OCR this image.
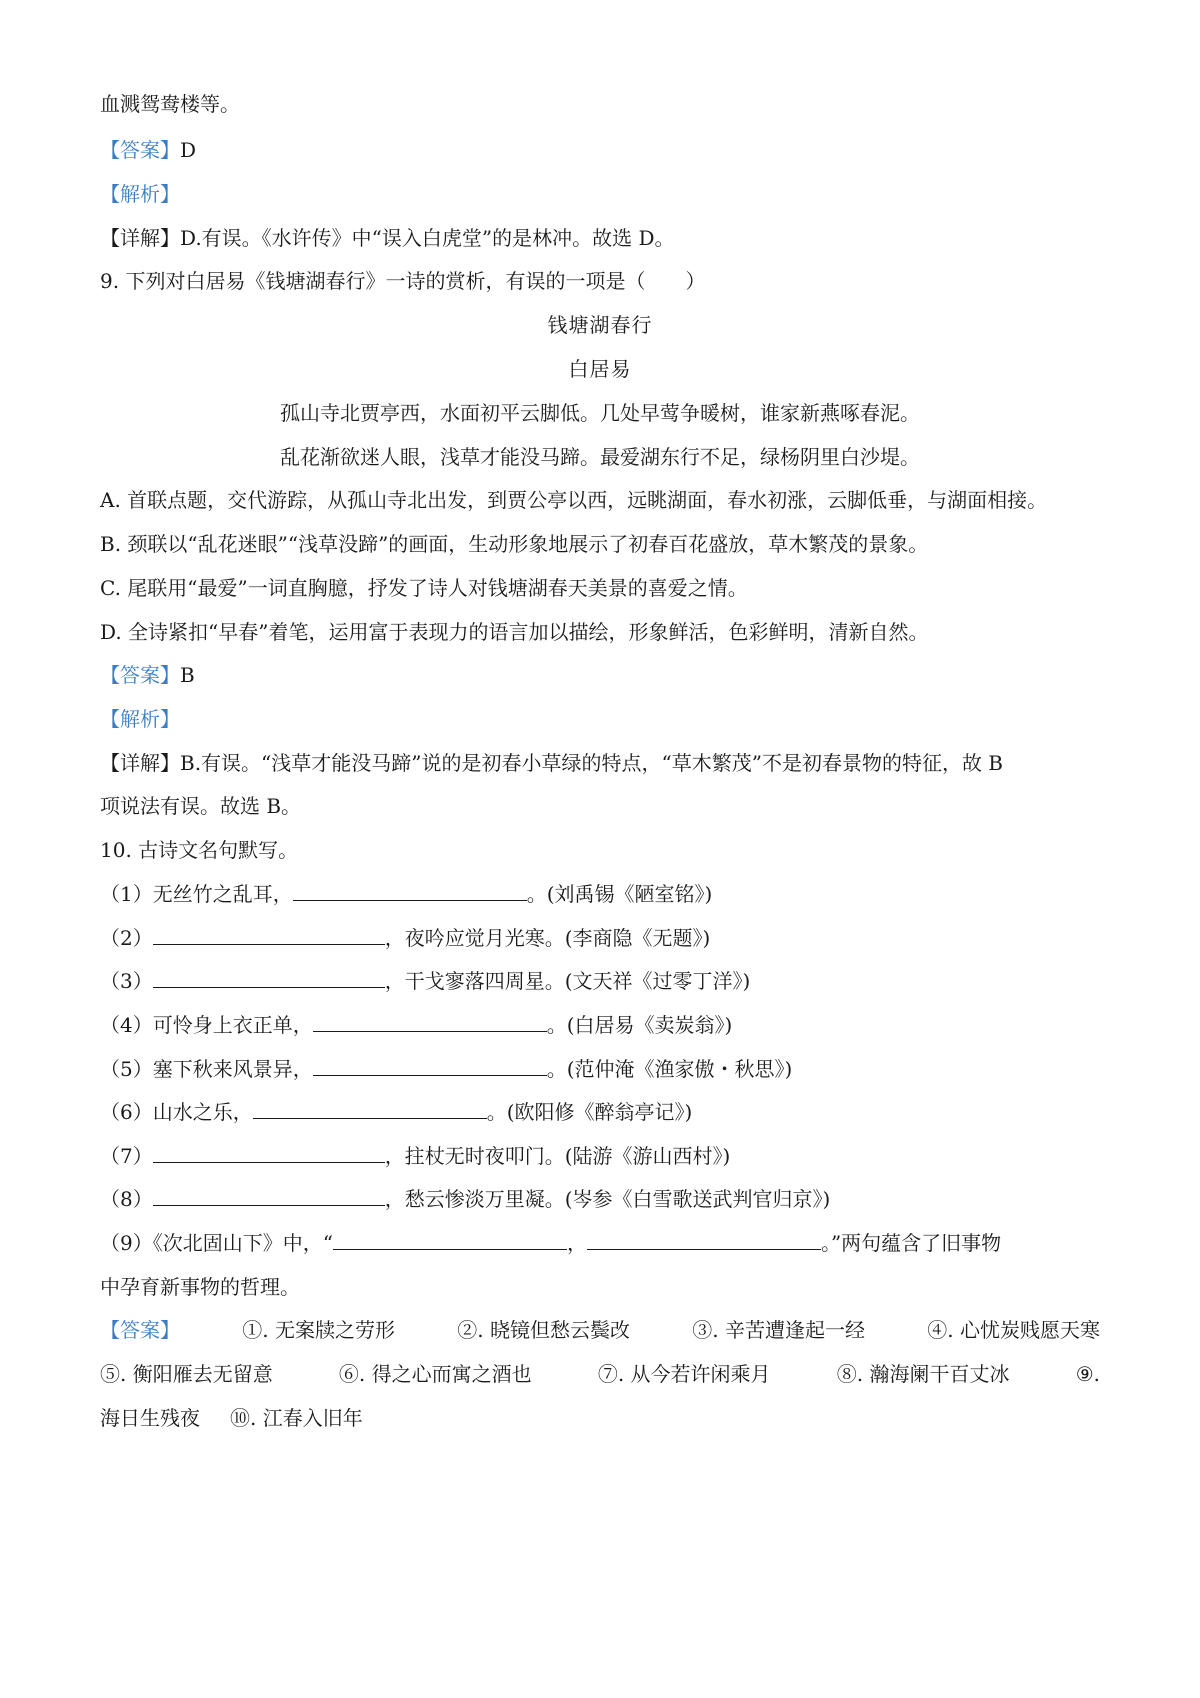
血溅鸳鸯楼等。
【答案】D
【解析】
【详解】D.有误。《水许传》中“误入白虎堂”的是林冲。故选 D。
9. 下列对白居易《钱塘湖春行》一诗的赏析，有误的一项是（　　）
钱塘湖春行
白居易
孤山寺北贾亭西，水面初平云脚低。几处早莺争暖树，谁家新燕啄春泥。
乱花渐欲迷人眼，浅草才能没马蹄。最爱湖东行不足，绿杨阴里白沙堤。
A. 首联点题，交代游踪，从孤山寺北出发，到贾公亭以西，远眺湖面，春水初涨，云脚低垂，与湖面相接。
B. 颈联以“乱花迷眼”“浅草没蹄”的画面，生动形象地展示了初春百花盛放，草木繁茂的景象。
C. 尾联用“最爱”一词直胸臆，抒发了诗人对钱塘湖春天美景的喜爱之情。
D. 全诗紧扣“早春”着笔，运用富于表现力的语言加以描绘，形象鲜活，色彩鲜明，清新自然。
【答案】B
【解析】
【详解】B.有误。“浅草才能没马蹄”说的是初春小草绿的特点，“草木繁茂”不是初春景物的特征，故 B
项说法有误。故选 B。
10. 古诗文名句默写。
（1）无丝竹之乱耳，	。(刘禹锡《陋室铭》)
（2）	，夜吟应觉月光寒。(李商隐《无题》)
（3）	，干戈寥落四周星。(文天祥《过零丁洋》)
（4）可怜身上衣正单，	。(白居易《卖炭翁》)
（5）塞下秋来风景异，	。(范仲淹《渔家傲・秋思》)
（6）山水之乐，	。(欧阳修《醉翁亭记》)
（7）	，拄杖无时夜叩门。(陆游《游山西村》)
（8）	，愁云惨淡万里凝。(岑参《白雪歌送武判官归京》)
（9）《次北固山下》中，“	，	。”两句蕴含了旧事物
中孕育新事物的哲理。
【答案】	①. 无案牍之劳形	②. 晓镜但愁云鬓改	③. 辛苦遭逢起一经	④. 心忧炭贱愿天寒
⑤. 衡阳雁去无留意	⑥. 得之心而寓之酒也	⑦. 从今若许闲乘月	⑧. 瀚海阑干百丈冰	⑨.
海日生残夜 ⑩. 江春入旧年
